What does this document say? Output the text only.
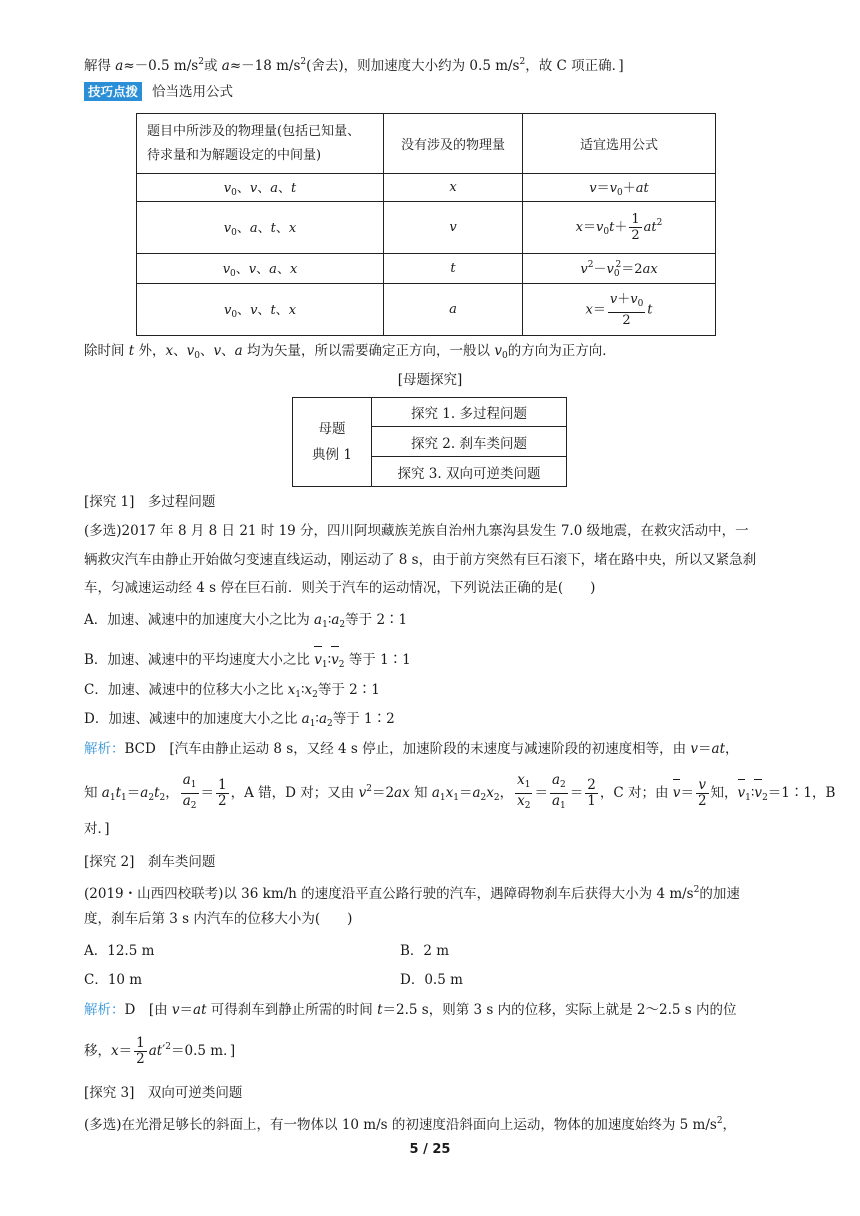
解得 a≈－0.5 $m/s^2$或 a≈－18 $m/s^2$(舍去)，则加速度大小约为 0.5 $m/s^2$，故 C 项正确．]
技巧点拨 恰当选用公式
题目中所涉及的物理量(包括已知量、待求量和为解题设定的中间量)	没有涉及的物理量	适宜选用公式
$v_0$、v、a、t	x	$v=v_0+at$
$v_0$、a、t、x	v	$x=v_0t+ \frac{1}{2} at^2$
$v_0$、v、a、x	t	$v^2-v_0^2=2ax$
$v_0$、v、t、x	a	$x= \frac{v+v_0}{2}$ t
除时间 t 外，x、$v_0$、v、a 均为矢量，所以需要确定正方向，一般以 $v_0$的方向为正方向．
[母题探究]
母题
典例 1	探究 1. 多过程问题
探究 2. 刹车类问题
探究 3. 双向可逆类问题
[探究 1]　多过程问题
(多选)2017 年 8 月 8 日 21 时 19 分，四川阿坝藏族羌族自治州九寨沟县发生 7.0 级地震，在救灾活动中，一
辆救灾汽车由静止开始做匀变速直线运动，刚运动了 8 s，由于前方突然有巨石滚下，堵在路中央，所以又紧急刹
车，匀减速运动经 4 s 停在巨石前．则关于汽车的运动情况，下列说法正确的是(　　)
A．加速、减速中的加速度大小之比为 $a_1∶a_2$等于 2∶1
B．加速、减速中的平均速度大小之比 $v_1∶v_2$ 等于 1∶1
C．加速、减速中的位移大小之比 $x_1∶x_2$等于 2∶1
D．加速、减速中的加速度大小之比 $a_1∶a_2$等于 1∶2
解析：BCD　[汽车由静止运动 8 s，又经 4 s 停止，加速阶段的末速度与减速阶段的初速度相等，由 v＝at，
知 $a_1t_1=a_2t_2$， $\frac{a_1}{a_2} = \frac{1}{2}$ ，A 错，D 对；又由 $v^2=2ax$ 知 $a_1x_1=a_2x_2$， $\frac{x_1}{x_2} = \frac{a_2}{a_1} = \frac{2}{1}$ ，C 对；由 $v= \frac{v}{2}$ 知，$v_1∶v_2=1∶1$，B
对．]
[探究 2]　刹车类问题
(2019・山西四校联考)以 36 km/h 的速度沿平直公路行驶的汽车，遇障碍物刹车后获得大小为 4 $m/s^2$的加速
度，刹车后第 3 s 内汽车的位移大小为(　　)
A．12.5 m	B．2 m
C．10 m	D．0.5 m
解析：D　[由 v＝at 可得刹车到静止所需的时间 t＝2.5 s，则第 3 s 内的位移，实际上就是 2～2.5 s 内的位
移，$x= \frac{1}{2} at'^2=0.5$ m．]
[探究 3]　双向可逆类问题
(多选)在光滑足够长的斜面上，有一物体以 10 m/s 的初速度沿斜面向上运动，物体的加速度始终为 5 $m/s^2$，
5 / 25
